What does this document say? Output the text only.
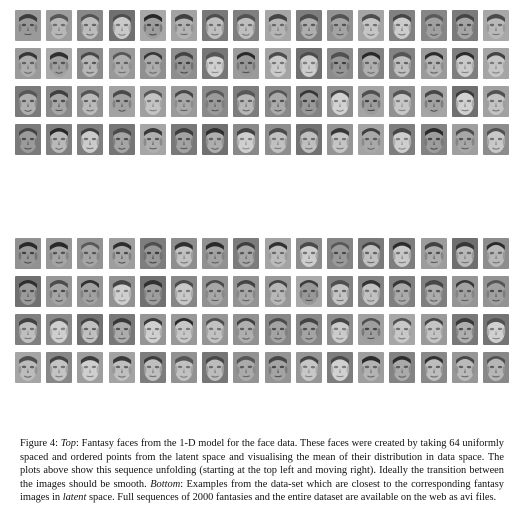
Figure 4: Top: Fantasy faces from the 1-D model for the face data. These faces were created by taking 64 uniformly spaced and ordered points from the latent space and visualising the mean of their distribution in data space. The plots above show this sequence unfolding (starting at the top left and moving right). Ideally the transition between the images should be smooth. Bottom: Examples from the data-set which are closest to the corresponding fantasy images in latent space. Full sequences of 2000 fantasies and the entire dataset are available on the web as avi files.
